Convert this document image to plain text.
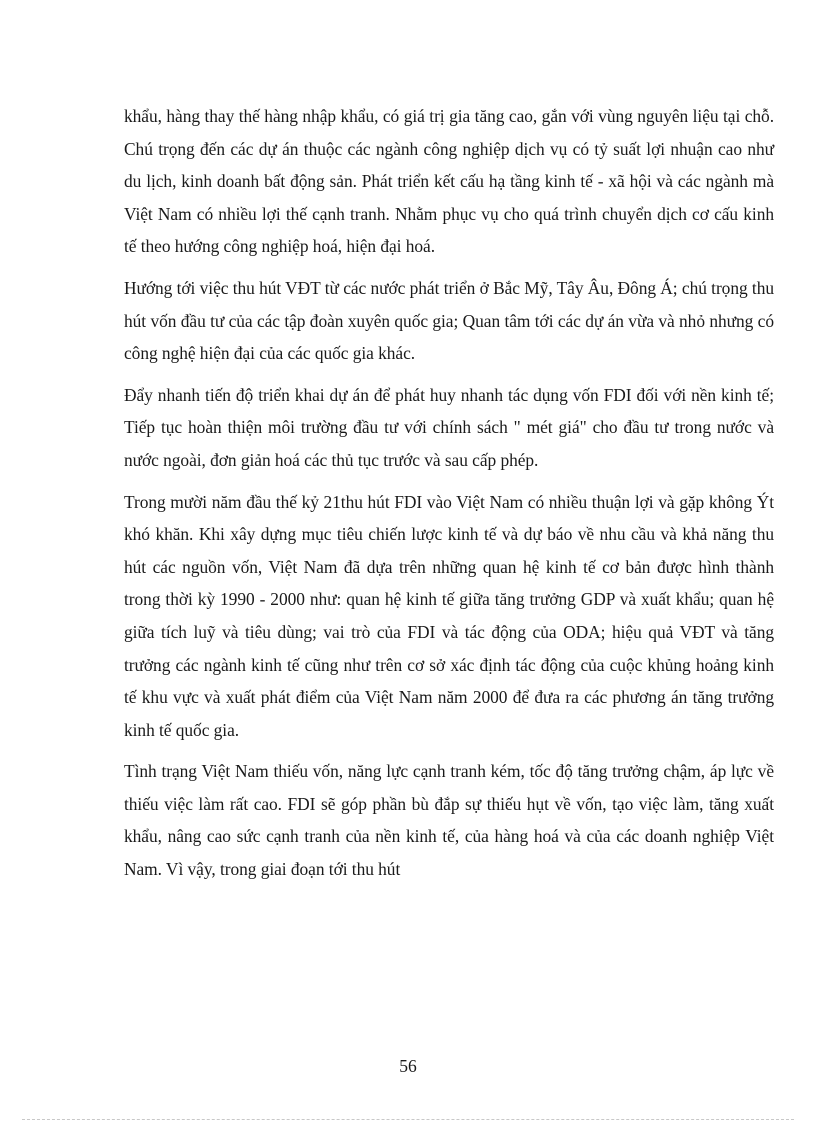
khẩu, hàng thay thế hàng nhập khẩu, có giá trị gia tăng cao, gắn với vùng nguyên liệu tại chỗ. Chú trọng đến các dự án thuộc các ngành công nghiệp dịch vụ có tỷ suất lợi nhuận cao như du lịch, kinh doanh bất động sản. Phát triển kết cấu hạ tầng kinh tế - xã hội và các ngành mà Việt Nam có nhiều lợi thế cạnh tranh. Nhằm phục vụ cho quá trình chuyển dịch cơ cấu kinh tế theo hướng công nghiệp hoá, hiện đại hoá.

Hướng tới việc thu hút VĐT từ các nước phát triển ở Bắc Mỹ, Tây Âu, Đông Á; chú trọng thu hút vốn đầu tư của các tập đoàn xuyên quốc gia; Quan tâm tới các dự án vừa và nhỏ nhưng có công nghệ hiện đại của các quốc gia khác.

Đẩy nhanh tiến độ triển khai dự án để phát huy nhanh tác dụng vốn FDI đối với nền kinh tế; Tiếp tục hoàn thiện môi trường đầu tư với chính sách " mét giá" cho đầu tư trong nước và nước ngoài, đơn giản hoá các thủ tục trước và sau cấp phép.

Trong mười năm đầu thế kỷ 21thu hút FDI vào Việt Nam có nhiều thuận lợi và gặp không Ýt khó khăn. Khi xây dựng mục tiêu chiến lược kinh tế và dự báo về nhu cầu và khả năng thu hút các nguồn vốn, Việt Nam đã dựa trên những quan hệ kinh tế cơ bản được hình thành trong thời kỳ 1990 - 2000 như: quan hệ kinh tế giữa tăng trưởng GDP và xuất khẩu; quan hệ giữa tích luỹ và tiêu dùng; vai trò của FDI và tác động của ODA; hiệu quả VĐT và tăng trưởng các ngành kinh tế cũng như trên cơ sở xác định tác động của cuộc khủng hoảng kinh tế khu vực và xuất phát điểm của Việt Nam năm 2000 để đưa ra các phương án tăng trưởng kinh tế quốc gia.

Tình trạng Việt Nam thiếu vốn, năng lực cạnh tranh kém, tốc độ tăng trưởng chậm, áp lực về thiếu việc làm rất cao. FDI sẽ góp phần bù đắp sự thiếu hụt về vốn, tạo việc làm, tăng xuất khẩu, nâng cao sức cạnh tranh của nền kinh tế, của hàng hoá và của các doanh nghiệp Việt Nam. Vì vậy, trong giai đoạn tới thu hút

56
